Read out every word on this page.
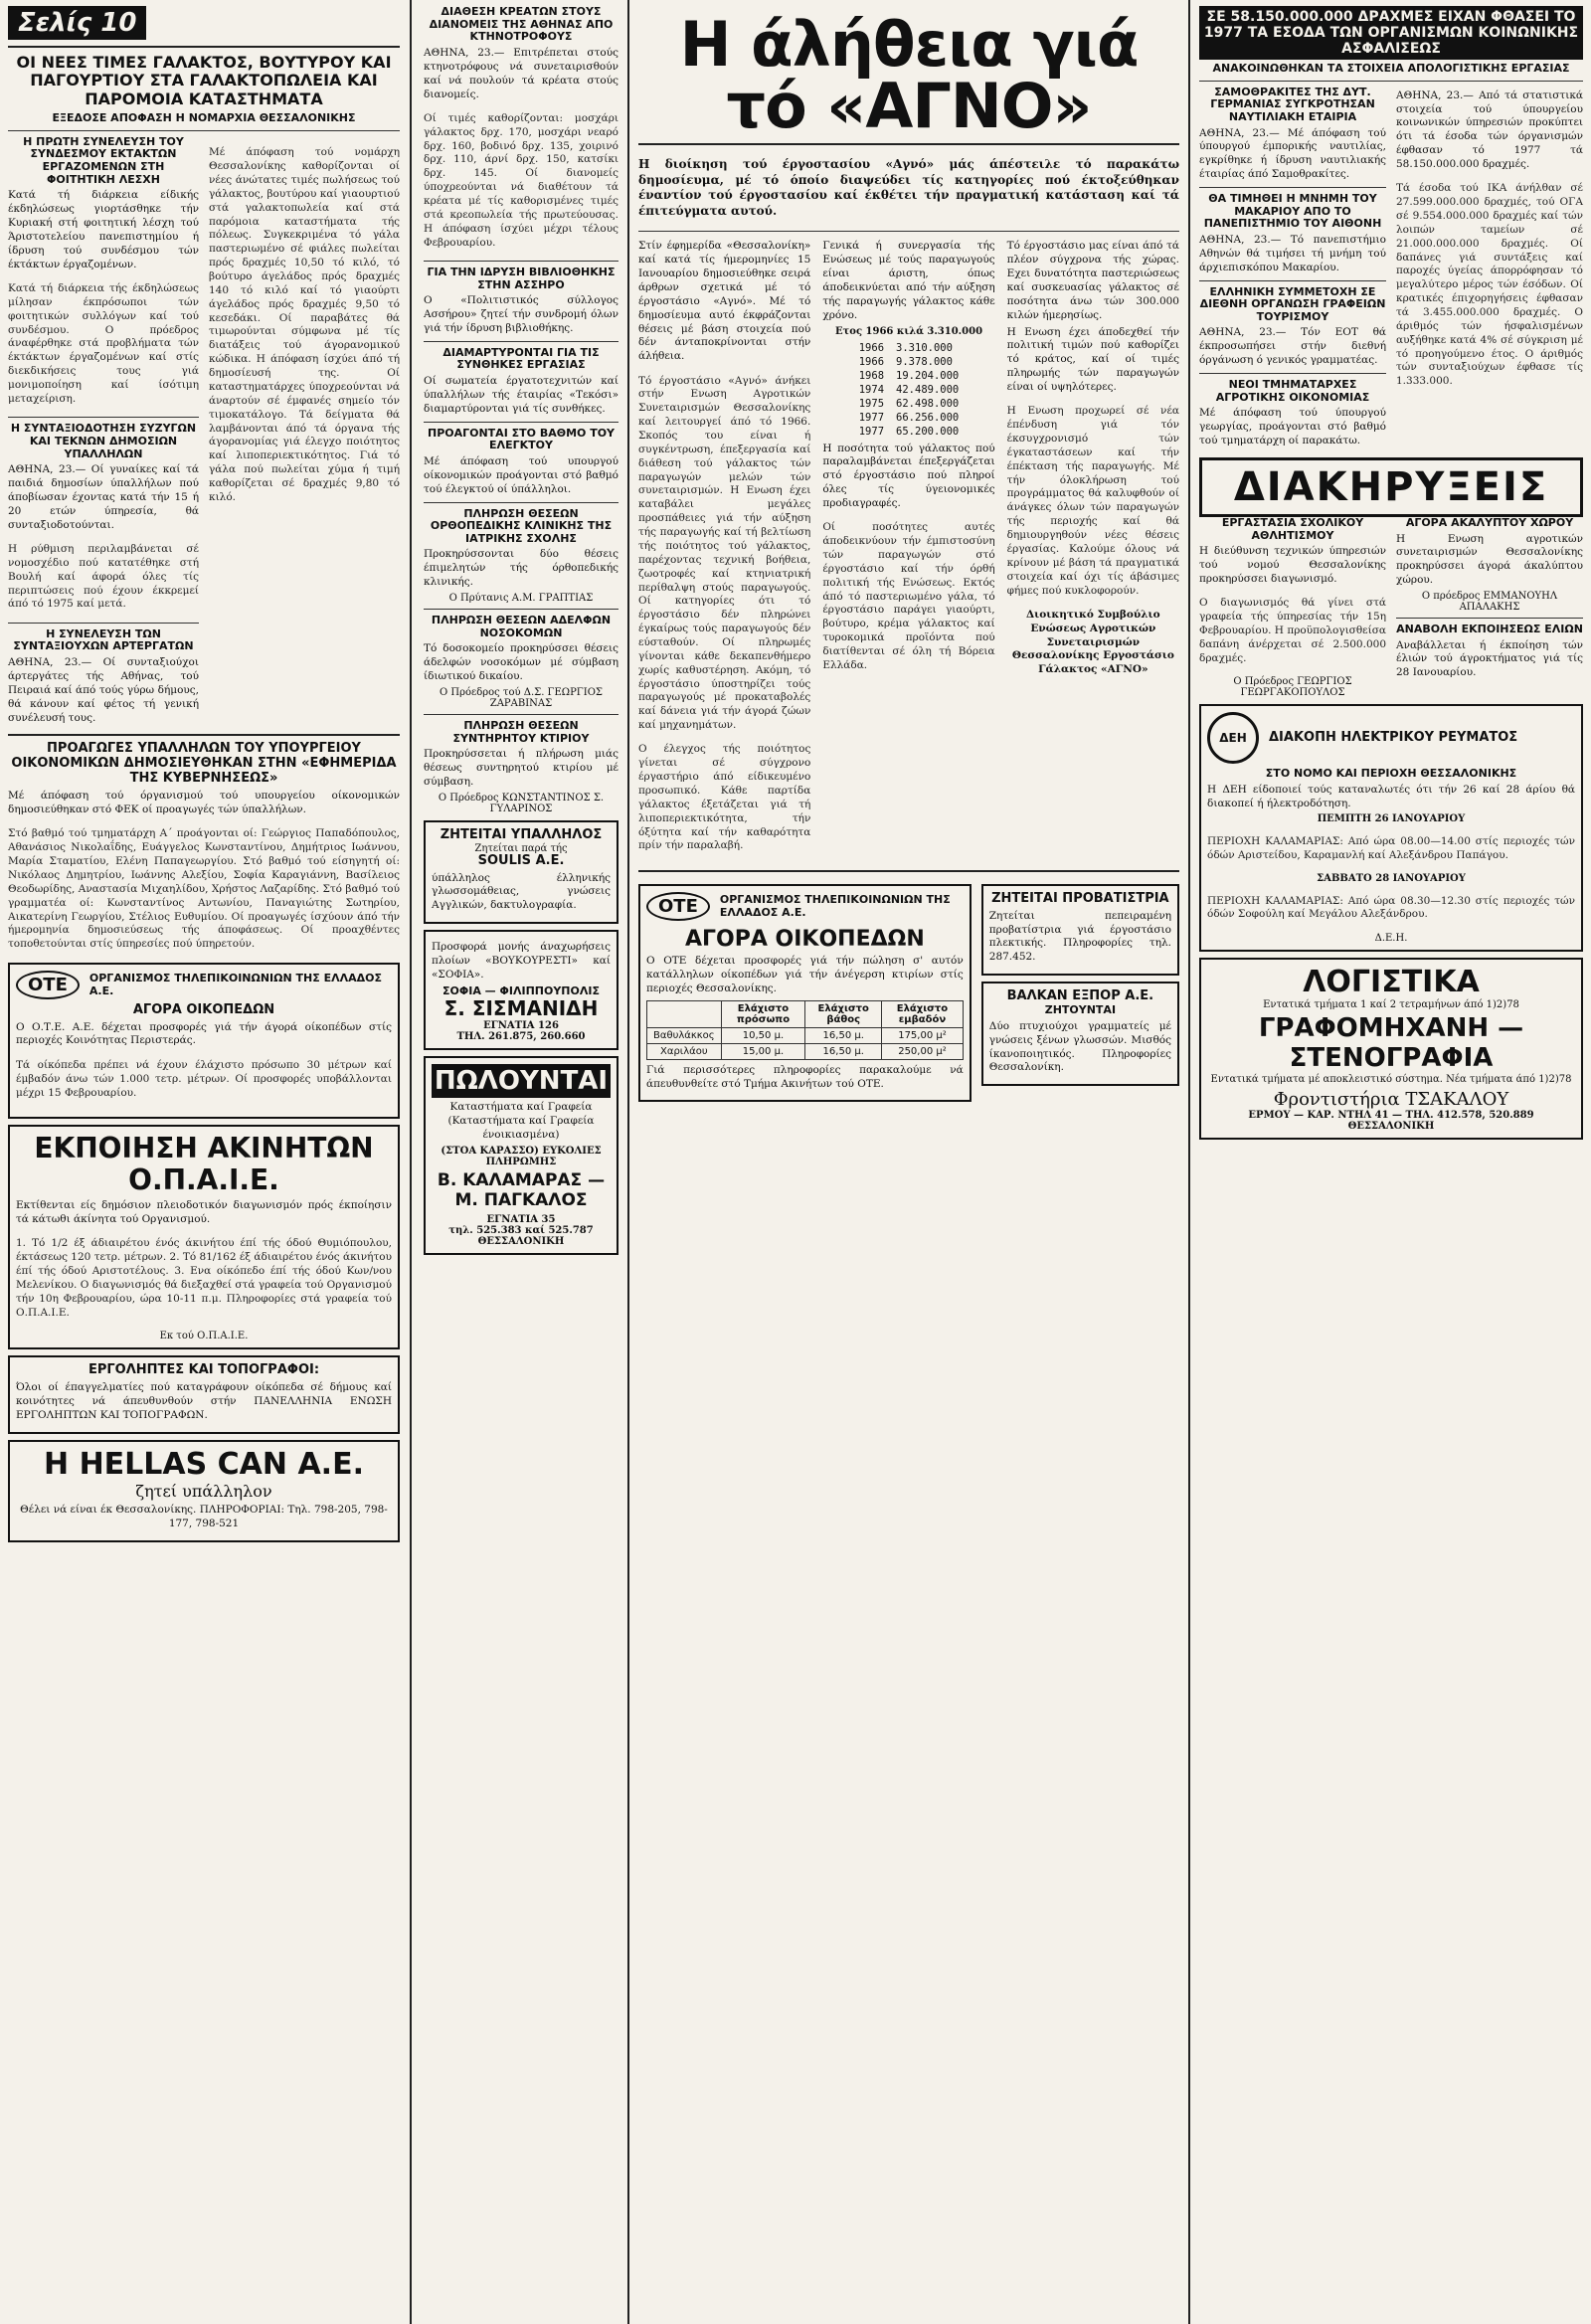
Σελίς 10
ΟΙ ΝΕΕΣ ΤΙΜΕΣ ΓΑΛΑΚΤΟΣ, ΒΟΥΤΥΡΟΥ ΚΑΙ ΠΑΓΟΥΡΤΙΟΥ ΣΤΑ ΓΑΛΑΚΤΟΠΩΛΕΙΑ ΚΑΙ ΠΑΡΟΜΟΙΑ ΚΑΤΑΣΤΗΜΑΤΑ
ΕΞΕΔΟΣΕ ΑΠΟΦΑΣΗ Η ΝΟΜΑΡΧΙΑ ΘΕΣΣΑΛΟΝΙΚΗΣ
Η ΠΡΩΤΗ ΣΥΝΕΛΕΥΣΗ ΤΟΥ ΣΥΝΔΕΣΜΟΥ ΕΚΤΑΚΤΩΝ ΕΡΓΑΖΟΜΕΝΩΝ ΣΤΗ ΦΟΙΤΗΤΙΚΗ ΛΕΣΧΗ

Κατά τή διάρκεια είδικής έκδηλώσεως γιορτάσθηκε τήν Κυριακή στή φοιτητική λέσχη τού Άριστοτελείου πανεπιστημίου ή ίδρυση τού συνδέσμου τών έκτάκτων έργαζομένων.

Κατά τή διάρκεια τής έκδηλώσεως μίλησαν έκπρόσωποι τών φοιτητικών συλλόγων καί τού συνδέσμου. Ο πρόεδρος άναφέρθηκε στά προβλήματα τών έκτάκτων έργαζομένων καί στίς διεκδικήσεις τους γιά μονιμοποίηση καί ίσότιμη μεταχείριση.

Η ΣΥΝΤΑΞΙΟΔΟΤΗΣΗ ΣΥΖΥΓΩΝ ΚΑΙ ΤΕΚΝΩΝ ΔΗΜΟΣΙΩΝ ΥΠΑΛΛΗΛΩΝ

ΑΘΗΝΑ, 23.— Οί γυναίκες καί τά παιδιά δημοσίων ύπαλλήλων πού άποβίωσαν έχοντας κατά τήν 15 ή 20 ετών ύπηρεσία, θά συνταξιοδοτούνται.

Η ρύθμιση περιλαμβάνεται σέ νομοσχέδιο πού κατατέθηκε στή Βουλή καί άφορά όλες τίς περιπτώσεις πού έχουν έκκρεμεί άπό τό 1975 καί μετά.

Η ΣΥΝΕΛΕΥΣΗ ΤΩΝ ΣΥΝΤΑΞΙΟΥΧΩΝ ΑΡΤΕΡΓΑΤΩΝ

ΑΘΗΝΑ, 23.— Οί συνταξιούχοι άρτεργάτες τής Αθήνας, τού Πειραιά καί άπό τούς γύρω δήμους, θά κάνουν καί φέτος τή γενική συνέλευσή τους.

Μέ άπόφαση τού νομάρχη Θεσσαλονίκης καθορίζονται οί νέες άνώτατες τιμές πωλήσεως τού γάλακτος, βουτύρου καί γιαουρτιού στά γαλακτοπωλεία καί στά παρόμοια καταστήματα τής πόλεως. Συγκεκριμένα τό γάλα παστεριωμένο σέ φιάλες πωλείται πρός δραχμές 10,50 τό κιλό, τό βούτυρο άγελάδος πρός δραχμές 140 τό κιλό καί τό γιαούρτι άγελάδος πρός δραχμές 9,50 τό κεσεδάκι. Οί παραβάτες θά τιμωρούνται σύμφωνα μέ τίς διατάξεις τού άγορανομικού κώδικα. Η άπόφαση ίσχύει άπό τή δημοσίευσή της. Οί καταστηματάρχες ύποχρεούνται νά άναρτούν σέ έμφανές σημείο τόν τιμοκατάλογο. Τά δείγματα θά λαμβάνονται άπό τά όργανα τής άγορανομίας γιά έλεγχο ποιότητος καί λιποπεριεκτικότητος. Γιά τό γάλα πού πωλείται χύμα ή τιμή καθορίζεται σέ δραχμές 9,80 τό κιλό.

ΠΡΟΑΓΩΓΕΣ ΥΠΑΛΛΗΛΩΝ ΤΟΥ ΥΠΟΥΡΓΕΙΟΥ ΟΙΚΟΝΟΜΙΚΩΝ ΔΗΜΟΣΙΕΥΘΗΚΑΝ ΣΤΗΝ «ΕΦΗΜΕΡΙΔΑ ΤΗΣ ΚΥΒΕΡΝΗΣΕΩΣ»

Μέ άπόφαση τού όργανισμού τού υπουργείου οίκονομικών δημοσιεύθηκαν στό ΦΕΚ οί προαγωγές τών ύπαλλήλων.

Στό βαθμό τού τμηματάρχη Α΄ προάγονται οί: Γεώργιος Παπαδόπουλος, Αθανάσιος Νικολαΐδης, Ευάγγελος Κωνσταντίνου, Δημήτριος Ιωάννου, Μαρία Σταματίου, Ελένη Παπαγεωργίου. Στό βαθμό τού είσηγητή οί: Νικόλαος Δημητρίου, Ιωάννης Αλεξίου, Σοφία Καραγιάννη, Βασίλειος Θεοδωρίδης, Αναστασία Μιχαηλίδου, Χρήστος Λαζαρίδης. Στό βαθμό τού γραμματέα οί: Κωνσταντίνος Αντωνίου, Παναγιώτης Σωτηρίου, Αικατερίνη Γεωργίου, Στέλιος Ευθυμίου. Οί προαγωγές ίσχύουν άπό τήν ήμερομηνία δημοσιεύσεως τής άποφάσεως. Οί προαχθέντες τοποθετούνται στίς ύπηρεσίες πού ύπηρετούν.

ΟΤΕ	ΟΡΓΑΝΙΣΜΟΣ ΤΗΛΕΠΙΚΟΙΝΩΝΙΩΝ ΤΗΣ ΕΛΛΑΔΟΣ Α.Ε.
ΑΓΟΡΑ ΟΙΚΟΠΕΔΩΝ

Ο Ο.Τ.Ε. Α.Ε. δέχεται προσφορές γιά τήν άγορά οίκοπέδων στίς περιοχές Κοινότητας Περιστεράς.

Τά οίκόπεδα πρέπει νά έχουν έλάχιστο πρόσωπο 30 μέτρων καί έμβαδόν άνω τών 1.000 τετρ. μέτρων. Οί προσφορές υποβάλλονται μέχρι 15 Φεβρουαρίου.

ΕΚΠΟΙΗΣΗ ΑΚΙΝΗΤΩΝ Ο.Π.Α.Ι.Ε.

Εκτίθενται είς δημόσιον πλειοδοτικόν διαγωνισμόν πρός έκποίησιν τά κάτωθι άκίνητα τού Οργανισμού.

1. Τό 1/2 έξ άδιαιρέτου ένός άκινήτου έπί τής όδού Θυμιόπουλου, έκτάσεως 120 τετρ. μέτρων. 2. Τό 81/162 έξ άδιαιρέτου ένός άκινήτου έπί τής όδού Αριστοτέλους. 3. Ενα οίκόπεδο έπί τής όδού Κων/νου Μελενίκου. Ο διαγωνισμός θά διεξαχθεί στά γραφεία τού Οργανισμού τήν 10η Φεβρουαρίου, ώρα 10-11 π.μ. Πληροφορίες στά γραφεία τού Ο.Π.Α.Ι.Ε.

Εκ τού Ο.Π.Α.Ι.Ε.
ΕΡΓΟΛΗΠΤΕΣ ΚΑΙ ΤΟΠΟΓΡΑΦΟΙ:

Όλοι οί έπαγγελματίες πού καταγράφουν οίκόπεδα σέ δήμους καί κοινότητες νά άπευθυνθούν στήν ΠΑΝΕΛΛΗΝΙΑ ΕΝΩΣΗ ΕΡΓΟΛΗΠΤΩΝ ΚΑΙ ΤΟΠΟΓΡΑΦΩΝ.

Η HELLAS CAN Α.Ε.
ζητεί υπάλληλον

Θέλει νά είναι έκ Θεσσαλονίκης. ΠΛΗΡΟΦΟΡΙΑΙ: Τηλ. 798-205, 798-177, 798-521

ΔΙΑΘΕΣΗ ΚΡΕΑΤΩΝ ΣΤΟΥΣ ΔΙΑΝΟΜΕΙΣ ΤΗΣ ΑΘΗΝΑΣ ΑΠΟ ΚΤΗΝΟΤΡΟΦΟΥΣ

ΑΘΗΝΑ, 23.— Επιτρέπεται στούς κτηνοτρόφους νά συνεταιρισθούν καί νά πουλούν τά κρέατα στούς διανομείς.

Οί τιμές καθορίζονται: μοσχάρι γάλακτος δρχ. 170, μοσχάρι νεαρό δρχ. 160, βοδινό δρχ. 135, χοιρινό δρχ. 110, άρνί δρχ. 150, κατσίκι δρχ. 145. Οί διανομείς ύποχρεούνται νά διαθέτουν τά κρέατα μέ τίς καθορισμένες τιμές στά κρεοπωλεία τής πρωτεύουσας. Η άπόφαση ίσχύει μέχρι τέλους Φεβρουαρίου.

ΓΙΑ ΤΗΝ ΙΔΡΥΣΗ ΒΙΒΛΙΟΘΗΚΗΣ ΣΤΗΝ ΑΣΣΗΡΟ

Ο «Πολιτιστικός σύλλογος Ασσήρου» ζητεί τήν συνδρομή όλων γιά τήν ίδρυση βιβλιοθήκης.

ΔΙΑΜΑΡΤΥΡΟΝΤΑΙ ΓΙΑ ΤΙΣ ΣΥΝΘΗΚΕΣ ΕΡΓΑΣΙΑΣ

Οί σωματεία έργατοτεχνιτών καί ύπαλλήλων τής έταιρίας «Τεκόσι» διαμαρτύρονται γιά τίς συνθήκες.

ΠΡΟΑΓΟΝΤΑΙ ΣΤΟ ΒΑΘΜΟ ΤΟΥ ΕΛΕΓΚΤΟΥ

Μέ άπόφαση τού υπουργού οίκονομικών προάγονται στό βαθμό τού έλεγκτού οί ύπάλληλοι.

ΠΛΗΡΩΣΗ ΘΕΣΕΩΝ ΟΡΘΟΠΕΔΙΚΗΣ ΚΛΙΝΙΚΗΣ ΤΗΣ ΙΑΤΡΙΚΗΣ ΣΧΟΛΗΣ

Προκηρύσσονται δύο θέσεις έπιμελητών τής όρθοπεδικής κλινικής.

Ο Πρύτανις Α.Μ. ΓΡΑΠΤΙΑΣ
ΠΛΗΡΩΣΗ ΘΕΣΕΩΝ ΑΔΕΛΦΩΝ ΝΟΣΟΚΟΜΩΝ

Τό δοσοκομείο προκηρύσσει θέσεις άδελφών νοσοκόμων μέ σύμβαση ίδιωτικού δικαίου.

Ο Πρόεδρος τού Δ.Σ. ΓΕΩΡΓΙΟΣ ΖΑΡΑΒΙΝΑΣ
ΠΛΗΡΩΣΗ ΘΕΣΕΩΝ ΣΥΝΤΗΡΗΤΟΥ ΚΤΙΡΙΟΥ

Προκηρύσσεται ή πλήρωση μιάς θέσεως συντηρητού κτιρίου μέ σύμβαση.

Ο Πρόεδρος ΚΩΝΣΤΑΝΤΙΝΟΣ Σ. ΓΥΛΑΡΙΝΟΣ
ΖΗΤΕΙΤΑΙ ΥΠΑΛΛΗΛΟΣ
Ζητείται παρά τής
SOULIS Α.Ε.

ύπάλληλος έλληνικής γλωσσομάθειας, γνώσεις Αγγλικών, δακτυλογραφία.

Προσφορά μονής άναχωρήσεις πλοίων «ΒΟΥΚΟΥΡΕΣΤΙ» καί «ΣΟΦΙΑ».

ΣΟΦΙΑ — ΦΙΛΙΠΠΟΥΠΟΛΙΣ
Σ. ΣΙΣΜΑΝΙΔΗ
ΕΓΝΑΤΙΑ 126
ΤΗΛ. 261.875, 260.660
ΠΩΛΟΥΝΤΑΙ

Καταστήματα καί Γραφεία (Καταστήματα καί Γραφεία ένοικιασμένα)

(ΣΤΟΑ ΚΑΡΑΣΣΟ) ΕΥΚΟΛΙΕΣ ΠΛΗΡΩΜΗΣ
Β. ΚΑΛΑΜΑΡΑΣ — Μ. ΠΑΓΚΑΛΟΣ
ΕΓΝΑΤΙΑ 35
τηλ. 525.383 καί 525.787
ΘΕΣΣΑΛΟΝΙΚΗ
Η άλήθεια γιά τό «ΑΓΝΟ»

Η διοίκηση τού έργοστασίου «Αγνό» μάς άπέστειλε τό παρακάτω δημοσίευμα, μέ τό όποίο διαψεύδει τίς κατηγορίες πού έκτοξεύθηκαν έναντίον τού έργοστασίου καί έκθέτει τήν πραγματική κατάσταση καί τά έπιτεύγματα αυτού.

Στίν έφημερίδα «Θεσσαλονίκη» καί κατά τίς ήμερομηνίες 15 Ιανουαρίου δημοσιεύθηκε σειρά άρθρων σχετικά μέ τό έργοστάσιο «Αγνό». Μέ τό δημοσίευμα αυτό έκφράζονται θέσεις μέ βάση στοιχεία πού δέν άνταποκρίνονται στήν άλήθεια.

Τό έργοστάσιο «Αγνό» άνήκει στήν Ενωση Αγροτικών Συνεταιρισμών Θεσσαλονίκης καί λειτουργεί άπό τό 1966. Σκοπός του είναι ή συγκέντρωση, έπεξεργασία καί διάθεση τού γάλακτος τών παραγωγών μελών τών συνεταιρισμών. Η Ενωση έχει καταβάλει μεγάλες προσπάθειες γιά τήν αύξηση τής παραγωγής καί τή βελτίωση τής ποιότητος τού γάλακτος, παρέχοντας τεχνική βοήθεια, ζωοτροφές καί κτηνιατρική περίθαλψη στούς παραγωγούς. Οί κατηγορίες ότι τό έργοστάσιο δέν πληρώνει έγκαίρως τούς παραγωγούς δέν εύσταθούν. Οί πληρωμές γίνονται κάθε δεκαπενθήμερο χωρίς καθυστέρηση. Ακόμη, τό έργοστάσιο ύποστηρίζει τούς παραγωγούς μέ προκαταβολές καί δάνεια γιά τήν άγορά ζώων καί μηχανημάτων.

Ο έλεγχος τής ποιότητος γίνεται σέ σύγχρονο έργαστήριο άπό είδικευμένο προσωπικό. Κάθε παρτίδα γάλακτος έξετάζεται γιά τή λιποπεριεκτικότητα, τήν όξύτητα καί τήν καθαρότητα πρίν τήν παραλαβή.

Γενικά ή συνεργασία τής Ενώσεως μέ τούς παραγωγούς είναι άριστη, όπως άποδεικνύεται από τήν αύξηση τής παραγωγής γάλακτος κάθε χρόνο.

Ετος 1966 κιλά 3.310.000
1966	3.310.000
1966	9.378.000
1968	19.204.000
1974	42.489.000
1975	62.498.000
1977	66.256.000
1977	65.200.000

Η ποσότητα τού γάλακτος πού παραλαμβάνεται έπεξεργάζεται στό έργοστάσιο πού πληροί όλες τίς ύγειονομικές προδιαγραφές.

Οί ποσότητες αυτές άποδεικνύουν τήν έμπιστοσύνη τών παραγωγών στό έργοστάσιο καί τήν όρθή πολιτική τής Ενώσεως. Εκτός άπό τό παστεριωμένο γάλα, τό έργοστάσιο παράγει γιαούρτι, βούτυρο, κρέμα γάλακτος καί τυροκομικά προϊόντα πού διατίθενται σέ όλη τή Βόρεια Ελλάδα.

Τό έργοστάσιο μας είναι άπό τά πλέον σύγχρονα τής χώρας. Εχει δυνατότητα παστεριώσεως καί συσκευασίας γάλακτος σέ ποσότητα άνω τών 300.000 κιλών ήμερησίως.

Η Ενωση έχει άποδεχθεί τήν πολιτική τιμών πού καθορίζει τό κράτος, καί οί τιμές πληρωμής τών παραγωγών είναι οί υψηλότερες.

Η Ενωση προχωρεί σέ νέα έπένδυση γιά τόν έκσυγχρονισμό τών έγκαταστάσεων καί τήν έπέκταση τής παραγωγής. Μέ τήν όλοκλήρωση τού προγράμματος θά καλυφθούν οί άνάγκες όλων τών παραγωγών τής περιοχής καί θά δημιουργηθούν νέες θέσεις έργασίας. Καλούμε όλους νά κρίνουν μέ βάση τά πραγματικά στοιχεία καί όχι τίς άβάσιμες φήμες πού κυκλοφορούν.

Διοικητικό Συμβούλιο Ενώσεως Αγροτικών Συνεταιρισμών Θεσσαλονίκης Εργοστάσιο Γάλακτος «ΑΓΝΟ»

ΟΤΕ	ΟΡΓΑΝΙΣΜΟΣ ΤΗΛΕΠΙΚΟΙΝΩΝΙΩΝ ΤΗΣ ΕΛΛΑΔΟΣ Α.Ε.
ΑΓΟΡΑ ΟΙΚΟΠΕΔΩΝ

Ο ΟΤΕ δέχεται προσφορές γιά τήν πώληση σ' αυτόν κατάλληλων οίκοπέδων γιά τήν άνέγερση κτιρίων στίς περιοχές Θεσσαλονίκης.

	Ελάχιστο πρόσωπο	Ελάχιστο βάθος	Ελάχιστο εμβαδόν
Βαθυλάκκος	10,50 μ.	16,50 μ.	175,00 μ²
Χαριλάου	15,00 μ.	16,50 μ.	250,00 μ²

Γιά περισσότερες πληροφορίες παρακαλούμε νά άπευθυνθείτε στό Τμήμα Ακινήτων τού ΟΤΕ.

ΖΗΤΕΙΤΑΙ ΠΡΟΒΑΤΙΣΤΡΙΑ

Ζητείται πεπειραμένη προβατίστρια γιά έργοστάσιο πλεκτικής. Πληροφορίες τηλ. 287.452.

ΒΑΛΚΑΝ ΕΞΠΟΡ Α.Ε.
ΖΗΤΟΥΝΤΑΙ

Δύο πτυχιούχοι γραμματείς μέ γνώσεις ξένων γλωσσών. Μισθός ίκανοποιητικός. Πληροφορίες Θεσσαλονίκη.

ΣΕ 58.150.000.000 ΔΡΑΧΜΕΣ ΕΙΧΑΝ ΦΘΑΣΕΙ ΤΟ 1977 ΤΑ ΕΣΟΔΑ ΤΩΝ ΟΡΓΑΝΙΣΜΩΝ ΚΟΙΝΩΝΙΚΗΣ ΑΣΦΑΛΙΣΕΩΣ
ΑΝΑΚΟΙΝΩΘΗΚΑΝ ΤΑ ΣΤΟΙΧΕΙΑ ΑΠΟΛΟΓΙΣΤΙΚΗΣ ΕΡΓΑΣΙΑΣ
ΣΑΜΟΘΡΑΚΙΤΕΣ ΤΗΣ ΔΥΤ. ΓΕΡΜΑΝΙΑΣ ΣΥΓΚΡΟΤΗΣΑΝ ΝΑΥΤΙΛΙΑΚΗ ΕΤΑΙΡΙΑ

ΑΘΗΝΑ, 23.— Μέ άπόφαση τού ύπουργού έμπορικής ναυτιλίας, εγκρίθηκε ή ίδρυση ναυτιλιακής έταιρίας άπό Σαμοθρακίτες.

ΘΑ ΤΙΜΗΘΕΙ Η ΜΝΗΜΗ ΤΟΥ ΜΑΚΑΡΙΟΥ ΑΠΟ ΤΟ ΠΑΝΕΠΙΣΤΗΜΙΟ ΤΟΥ ΑΙΘΟΝΗ

ΑΘΗΝΑ, 23.— Τό πανεπιστήμιο Αθηνών θά τιμήσει τή μνήμη τού άρχιεπισκόπου Μακαρίου.

ΕΛΛΗΝΙΚΗ ΣΥΜΜΕΤΟΧΗ ΣΕ ΔΙΕΘΝΗ ΟΡΓΑΝΩΣΗ ΓΡΑΦΕΙΩΝ ΤΟΥΡΙΣΜΟΥ

ΑΘΗΝΑ, 23.— Τόν ΕΟΤ θά έκπροσωπήσει στήν διεθνή όργάνωση ό γενικός γραμματέας.

ΝΕΟΙ ΤΜΗΜΑΤΑΡΧΕΣ ΑΓΡΟΤΙΚΗΣ ΟΙΚΟΝΟΜΙΑΣ

Μέ άπόφαση τού ύπουργού γεωργίας, προάγονται στό βαθμό τού τμηματάρχη οί παρακάτω.

ΑΘΗΝΑ, 23.— Από τά στατιστικά στοιχεία τού ύπουργείου κοινωνικών ύπηρεσιών προκύπτει ότι τά έσοδα τών όργανισμών έφθασαν τό 1977 τά 58.150.000.000 δραχμές.

Τά έσοδα τού ΙΚΑ άνήλθαν σέ 27.599.000.000 δραχμές, τού ΟΓΑ σέ 9.554.000.000 δραχμές καί τών λοιπών ταμείων σέ 21.000.000.000 δραχμές. Οί δαπάνες γιά συντάξεις καί παροχές ύγείας άπορρόφησαν τό μεγαλύτερο μέρος τών έσόδων. Οί κρατικές έπιχορηγήσεις έφθασαν τά 3.455.000.000 δραχμές. Ο άριθμός τών ήσφαλισμένων αυξήθηκε κατά 4% σέ σύγκριση μέ τό προηγούμενο έτος. Ο άριθμός τών συνταξιούχων έφθασε τίς 1.333.000.

ΔΙΑΚΗΡΥΞΕΙΣ
ΕΡΓΑΣΤΑΣΙΑ ΣΧΟΛΙΚΟΥ ΑΘΛΗΤΙΣΜΟΥ

Η διεύθυνση τεχνικών ύπηρεσιών τού νομού Θεσσαλονίκης προκηρύσσει διαγωνισμό.

Ο διαγωνισμός θά γίνει στά γραφεία τής ύπηρεσίας τήν 15η Φεβρουαρίου. Η προϋπολογισθείσα δαπάνη άνέρχεται σέ 2.500.000 δραχμές.

Ο Πρόεδρος ΓΕΩΡΓΙΟΣ ΓΕΩΡΓΑΚΟΠΟΥΛΟΣ
ΑΓΟΡΑ ΑΚΑΛΥΠΤΟΥ ΧΩΡΟΥ

Η Ενωση αγροτικών συνεταιρισμών Θεσσαλονίκης προκηρύσσει άγορά άκαλύπτου χώρου.

Ο πρόεδρος ΕΜΜΑΝΟΥΗΛ ΑΠΑΛΑΚΗΣ
ΑΝΑΒΟΛΗ ΕΚΠΟΙΗΣΕΩΣ ΕΛΙΩΝ

Αναβάλλεται ή έκποίηση τών έλιών τού άγροκτήματος γιά τίς 28 Ιανουαρίου.

ΔΕΗ	ΔΙΑΚΟΠΗ ΗΛΕΚΤΡΙΚΟΥ ΡΕΥΜΑΤΟΣ
ΣΤΟ ΝΟΜΟ ΚΑΙ ΠΕΡΙΟΧΗ ΘΕΣΣΑΛΟΝΙΚΗΣ

Η ΔΕΗ είδοποιεί τούς καταναλωτές ότι τήν 26 καί 28 άρίου θά διακοπεί ή ήλεκτροδότηση.

ΠΕΜΠΤΗ 26 ΙΑΝΟΥΑΡΙΟΥ

ΠΕΡΙΟΧΗ ΚΑΛΑΜΑΡΙΑΣ: Από ώρα 08.00—14.00 στίς περιοχές τών όδών Αριστείδου, Καραμανλή καί Αλεξάνδρου Παπάγου.

ΣΑΒΒΑΤΟ 28 ΙΑΝΟΥΑΡΙΟΥ

ΠΕΡΙΟΧΗ ΚΑΛΑΜΑΡΙΑΣ: Από ώρα 08.30—12.30 στίς περιοχές τών όδών Σοφούλη καί Μεγάλου Αλεξάνδρου.

Δ.Ε.Η.
ΛΟΓΙΣΤΙΚΑ
Εντατικά τμήματα 1 καί 2 τετραμήνων άπό 1)2)78
ΓΡΑΦΟΜΗΧΑΝΗ — ΣΤΕΝΟΓΡΑΦΙΑ
Εντατικά τμήματα μέ αποκλειστικό σύστημα. Νέα τμήματα άπό 1)2)78
Φροντιστήρια ΤΣΑΚΑΛΟΥ
ΕΡΜΟΥ — ΚΑΡ. ΝΤΗΛ 41 — ΤΗΛ. 412.578, 520.889
ΘΕΣΣΑΛΟΝΙΚΗ
